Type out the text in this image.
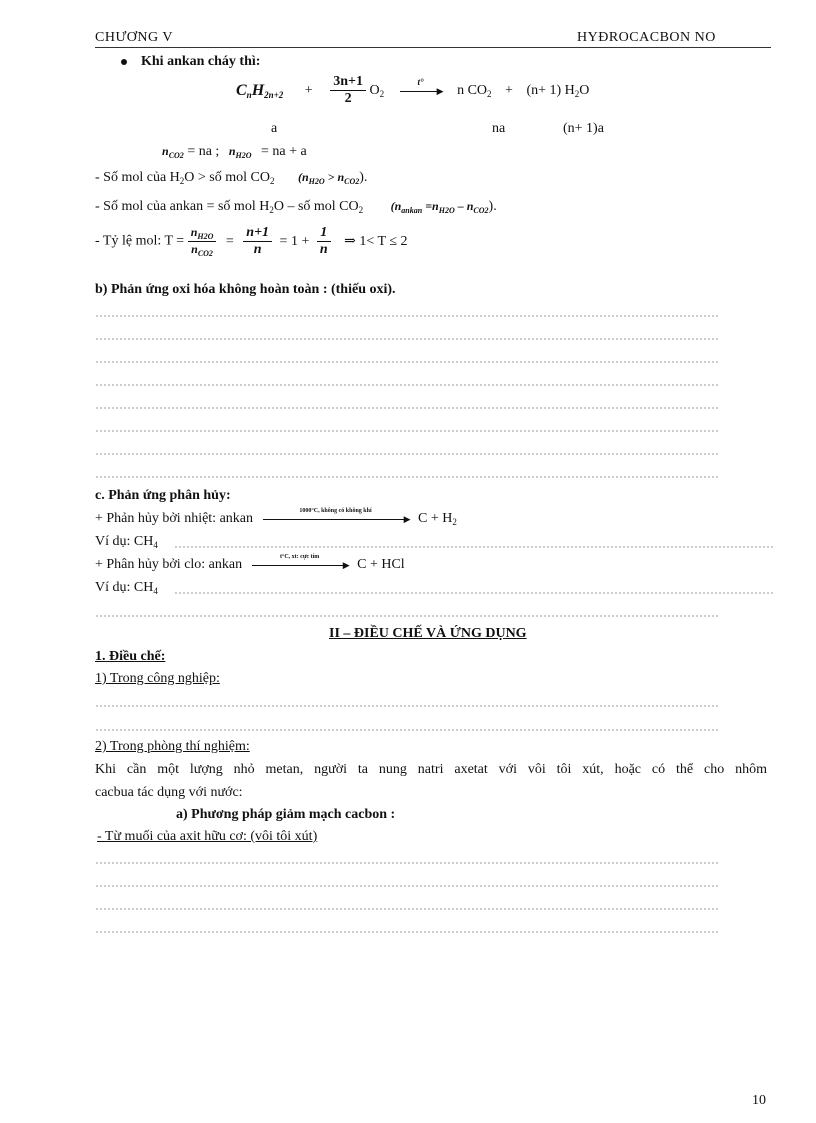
CHƯƠNG V	HYĐROCACBON NO
Khi ankan cháy thì:
$C_nH_{2n+2} + \frac{3n+1}{2} O_2$
t°
▶ n $CO_2 + (n+ 1)$ $H_2O$
a	na	(n+ 1)a
$n_{CO2}$ = na ; $n_{H2O}$ = na + a
- Số mol của $H_2O$ > số mol $CO_2$ $(n_{H2O} > n_{CO2})$.
- Số mol của ankan = số mol $H_2O$ – số mol $CO_2$ $(n_{ankan} =n_{H2O} - n_{CO2})$.
- Tỷ lệ mol: $T = \frac{n_{H2O}}{n_{CO2}} = \frac{n+1}{n} = 1 + \frac{1}{n}$ ⇒ 1< T ≤ 2
b) Phản ứng oxi hóa không hoàn toàn : (thiếu oxi).
c. Phản ứng phân hủy:
+ Phản hủy bởi nhiệt: ankan	1000°C, không có không khí
▶ $C + H_2$
Ví dụ: $CH_4$
+ Phân hủy bởi clo: ankan	t°C, xt: cực tím
▶ C + HCl
Ví dụ: $CH_4$
II – ĐIỀU CHẾ VÀ ỨNG DỤNG
1. Điều chế:
1) Trong công nghiệp:
2) Trong phòng thí nghiệm:
Khi cần một lượng nhỏ metan, người ta nung natri axetat với vôi tôi xút, hoặc có thể cho nhôm
cacbua tác dụng với nước:
a) Phương pháp giảm mạch cacbon :
- Từ muối của axit hữu cơ: (vôi tôi xút)
10
